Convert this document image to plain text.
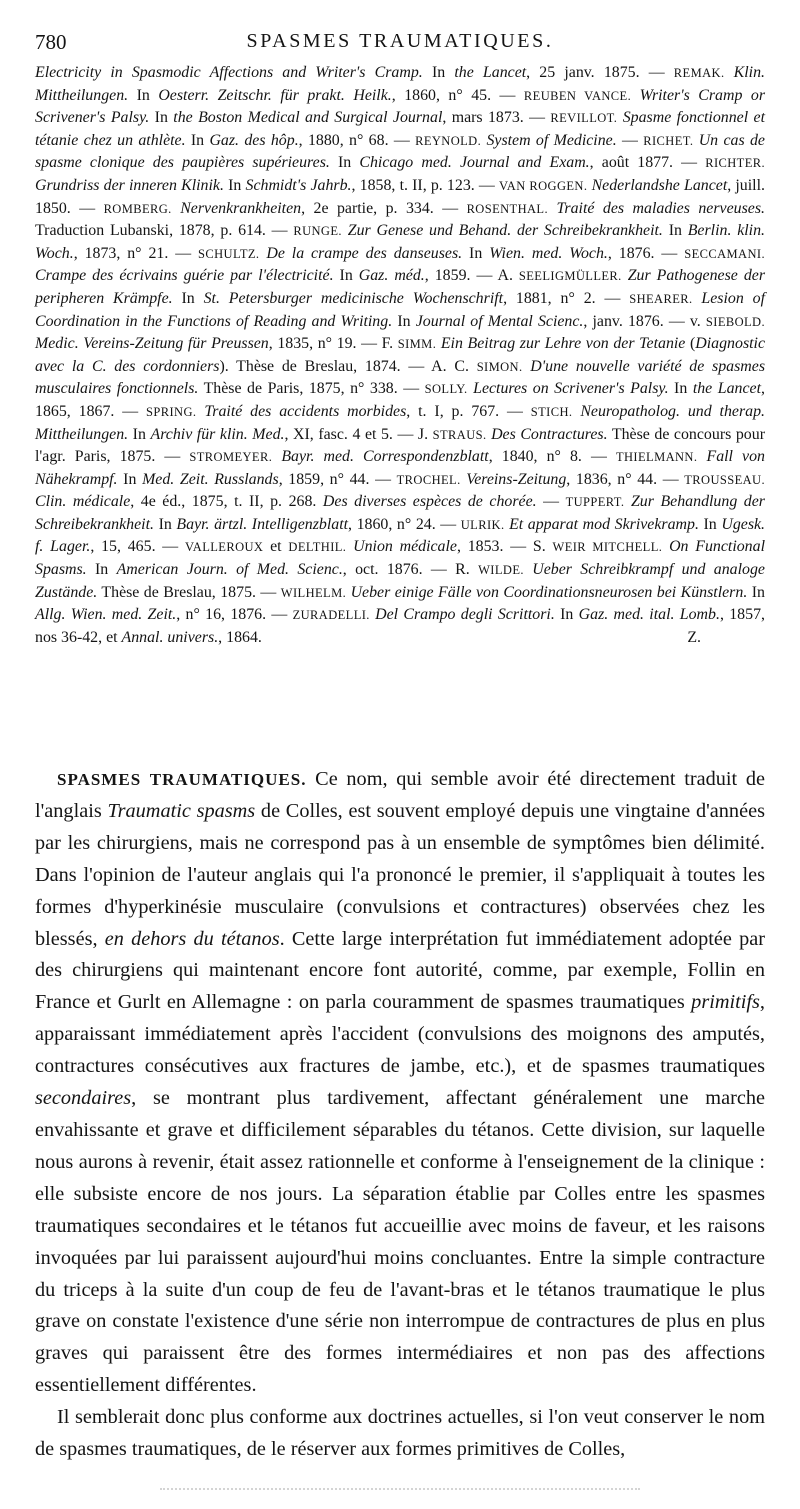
780	SPASMES TRAUMATIQUES.

Electricity in Spasmodic Affections and Writer's Cramp. In the Lancet, 25 janv. 1875. — REMAK. Klin. Mittheilungen. In Oesterr. Zeitschr. für prakt. Heilk., 1860, n° 45. — REUBEN VANCE. Writer's Cramp or Scrivener's Palsy. In the Boston Medical and Surgical Journal, mars 1873. — REVILLOT. Spasme fonctionnel et tétanie chez un athlète. In Gaz. des hôp., 1880, n° 68. — REYNOLD. System of Medicine. — RICHET. Un cas de spasme clonique des paupières supérieures. In Chicago med. Journal and Exam., août 1877. — RICHTER. Grundriss der inneren Klinik. In Schmidt's Jahrb., 1858, t. II, p. 123. — VAN ROGGEN. Nederlandshe Lancet, juill. 1850. — ROMBERG. Nervenkrankheiten, 2e partie, p. 334. — ROSENTHAL. Traité des maladies nerveuses. Traduction Lubanski, 1878, p. 614. — RUNGE. Zur Genese und Behand. der Schreibekrankheit. In Berlin. klin. Woch., 1873, n° 21. — SCHULTZ. De la crampe des danseuses. In Wien. med. Woch., 1876. — SECCAMANI. Crampe des écrivains guérie par l'électricité. In Gaz. méd., 1859. — A. SEELIGMÜLLER. Zur Pathogenese der peripheren Krämpfe. In St. Petersburger medicinische Wochenschrift, 1881, n° 2. — SHEARER. Lesion of Coordination in the Functions of Reading and Writing. In Journal of Mental Scienc., janv. 1876. — v. SIEBOLD. Medic. Vereins-Zeitung für Preussen, 1835, n° 19. — F. SIMM. Ein Beitrag zur Lehre von der Tetanie (Diagnostic avec la C. des cordonniers). Thèse de Breslau, 1874. — A. C. SIMON. D'une nouvelle variété de spasmes musculaires fonctionnels. Thèse de Paris, 1875, n° 338. — SOLLY. Lectures on Scrivener's Palsy. In the Lancet, 1865, 1867. — SPRING. Traité des accidents morbides, t. I, p. 767. — STICH. Neuropatholog. und therap. Mittheilungen. In Archiv für klin. Med., XI, fasc. 4 et 5. — J. STRAUS. Des Contractures. Thèse de concours pour l'agr. Paris, 1875. — STROMEYER. Bayr. med. Correspondenzblatt, 1840, n° 8. — THIELMANN. Fall von Nähekrampf. In Med. Zeit. Russlands, 1859, n° 44. — TROCHEL. Vereins-Zeitung, 1836, n° 44. — TROUSSEAU. Clin. médicale, 4e éd., 1875, t. II, p. 268. Des diverses espèces de chorée. — TUPPERT. Zur Behandlung der Schreibekrankheit. In Bayr. ärtzl. Intelligenzblatt, 1860, n° 24. — ULRIK. Et apparat mod Skrivekramp. In Ugesk. f. Lager., 15, 465. — VALLEROUX et DELTHIL. Union médicale, 1853. — S. WEIR MITCHELL. On Functional Spasms. In American Journ. of Med. Scienc., oct. 1876. — R. WILDE. Ueber Schreibkrampf und analoge Zustände. Thèse de Breslau, 1875. — WILHELM. Ueber einige Fälle von Coordinationsneurosen bei Künstlern. In Allg. Wien. med. Zeit., n° 16, 1876. — ZURADELLI. Del Crampo degli Scrittori. In Gaz. med. ital. Lomb., 1857, nos 36-42, et Annal. univers., 1864.	Z.

SPASMES TRAUMATIQUES. Ce nom, qui semble avoir été directement traduit de l'anglais Traumatic spasms de Colles, est souvent employé depuis une vingtaine d'années par les chirurgiens, mais ne correspond pas à un ensemble de symptômes bien délimité. Dans l'opinion de l'auteur anglais qui l'a prononcé le premier, il s'appliquait à toutes les formes d'hyperkinésie musculaire (convulsions et contractures) observées chez les blessés, en dehors du tétanos. Cette large interprétation fut immédiatement adoptée par des chirurgiens qui maintenant encore font autorité, comme, par exemple, Follin en France et Gurlt en Allemagne : on parla couramment de spasmes traumatiques primitifs, apparaissant immédiatement après l'accident (convulsions des moignons des amputés, contractures consécutives aux fractures de jambe, etc.), et de spasmes traumatiques secondaires, se montrant plus tardivement, affectant généralement une marche envahissante et grave et difficilement séparables du tétanos. Cette division, sur laquelle nous aurons à revenir, était assez rationnelle et conforme à l'enseignement de la clinique : elle subsiste encore de nos jours. La séparation établie par Colles entre les spasmes traumatiques secondaires et le tétanos fut accueillie avec moins de faveur, et les raisons invoquées par lui paraissent aujourd'hui moins concluantes. Entre la simple contracture du triceps à la suite d'un coup de feu de l'avant-bras et le tétanos traumatique le plus grave on constate l'existence d'une série non interrompue de contractures de plus en plus graves qui paraissent être des formes intermédiaires et non pas des affections essentiellement différentes.

Il semblerait donc plus conforme aux doctrines actuelles, si l'on veut conserver le nom de spasmes traumatiques, de le réserver aux formes primitives de Colles,
